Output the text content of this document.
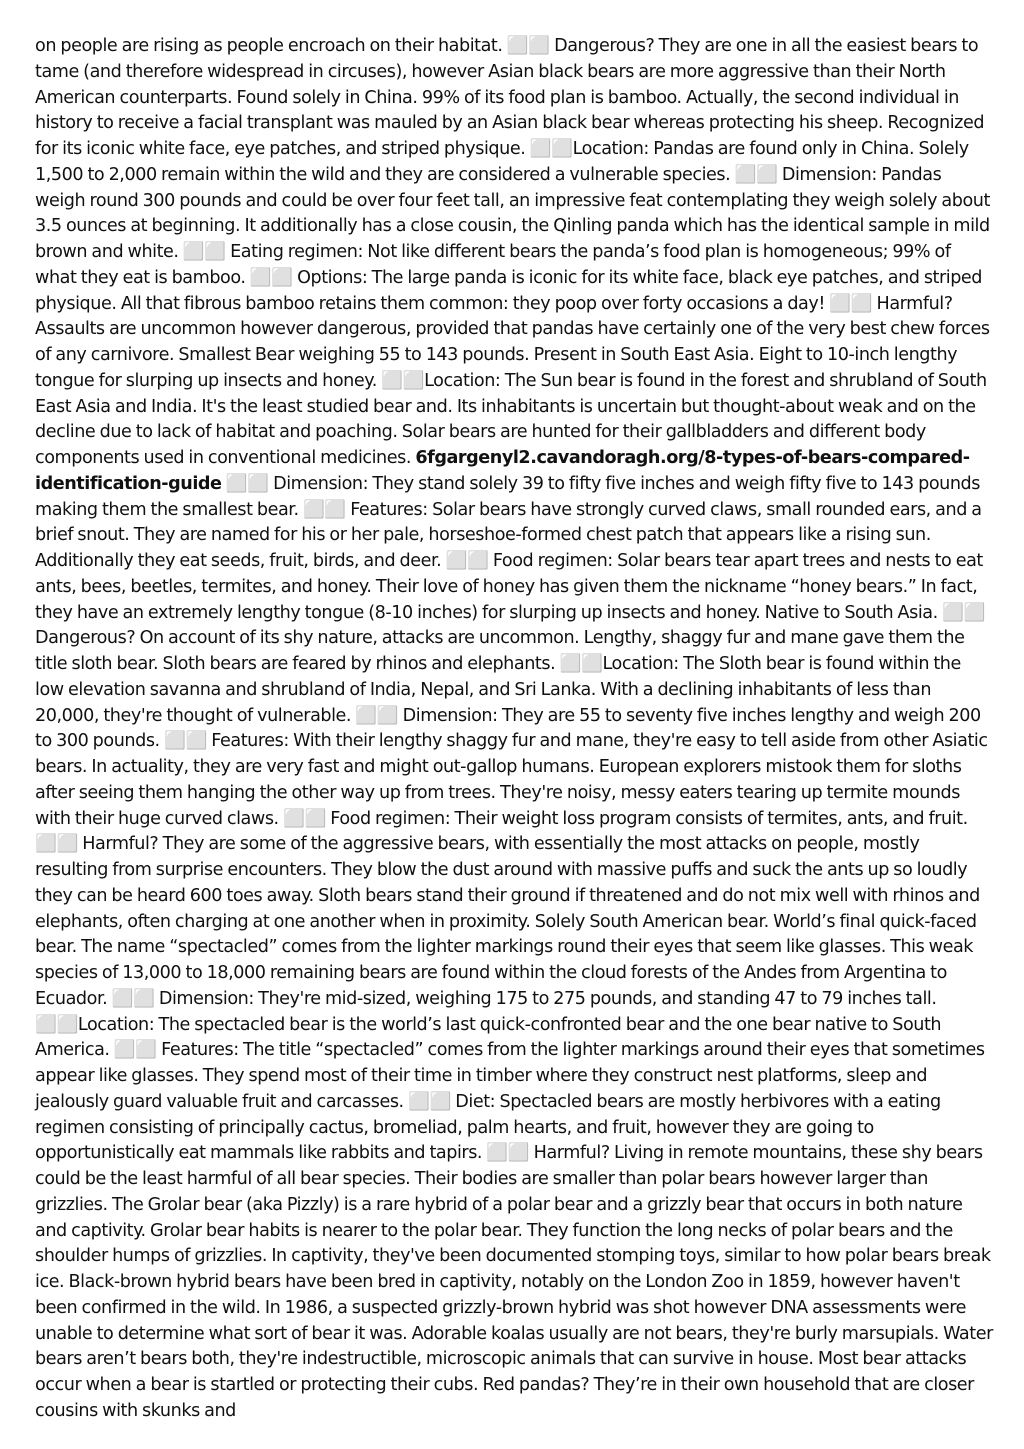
on people are rising as people encroach on their habitat. ⬜⬜ Dangerous? They are one in all the easiest bears to tame (and therefore widespread in circuses), however Asian black bears are more aggressive than their North American counterparts. Found solely in China. 99% of its food plan is bamboo. Actually, the second individual in history to receive a facial transplant was mauled by an Asian black bear whereas protecting his sheep. Recognized for its iconic white face, eye patches, and striped physique. ⬜⬜Location: Pandas are found only in China. Solely 1,500 to 2,000 remain within the wild and they are considered a vulnerable species. ⬜⬜ Dimension: Pandas weigh round 300 pounds and could be over four feet tall, an impressive feat contemplating they weigh solely about 3.5 ounces at beginning. It additionally has a close cousin, the Qinling panda which has the identical sample in mild brown and white. ⬜⬜ Eating regimen: Not like different bears the panda’s food plan is homogeneous; 99% of what they eat is bamboo. ⬜⬜ Options: The large panda is iconic for its white face, black eye patches, and striped physique. All that fibrous bamboo retains them common: they poop over forty occasions a day! ⬜⬜ Harmful? Assaults are uncommon however dangerous, provided that pandas have certainly one of the very best chew forces of any carnivore. Smallest Bear weighing 55 to 143 pounds. Present in South East Asia. Eight to 10-inch lengthy tongue for slurping up insects and honey. ⬜⬜Location: The Sun bear is found in the forest and shrubland of South East Asia and India. It's the least studied bear and. Its inhabitants is uncertain but thought-about weak and on the decline due to lack of habitat and poaching. Solar bears are hunted for their gallbladders and different body components used in conventional medicines. 6fgargenyl2.cavandoragh.org/8-types-of-bears-compared-identification-guide ⬜⬜ Dimension: They stand solely 39 to fifty five inches and weigh fifty five to 143 pounds making them the smallest bear. ⬜⬜ Features: Solar bears have strongly curved claws, small rounded ears, and a brief snout. They are named for his or her pale, horseshoe-formed chest patch that appears like a rising sun. Additionally they eat seeds, fruit, birds, and deer. ⬜⬜ Food regimen: Solar bears tear apart trees and nests to eat ants, bees, beetles, termites, and honey. Their love of honey has given them the nickname “honey bears.” In fact, they have an extremely lengthy tongue (8-10 inches) for slurping up insects and honey. Native to South Asia. ⬜⬜ Dangerous? On account of its shy nature, attacks are uncommon. Lengthy, shaggy fur and mane gave them the title sloth bear. Sloth bears are feared by rhinos and elephants. ⬜⬜Location: The Sloth bear is found within the low elevation savanna and shrubland of India, Nepal, and Sri Lanka. With a declining inhabitants of less than 20,000, they're thought of vulnerable. ⬜⬜ Dimension: They are 55 to seventy five inches lengthy and weigh 200 to 300 pounds. ⬜⬜ Features: With their lengthy shaggy fur and mane, they're easy to tell aside from other Asiatic bears. In actuality, they are very fast and might out-gallop humans. European explorers mistook them for sloths after seeing them hanging the other way up from trees. They're noisy, messy eaters tearing up termite mounds with their huge curved claws. ⬜⬜ Food regimen: Their weight loss program consists of termites, ants, and fruit. ⬜⬜ Harmful? They are some of the aggressive bears, with essentially the most attacks on people, mostly resulting from surprise encounters. They blow the dust around with massive puffs and suck the ants up so loudly they can be heard 600 toes away. Sloth bears stand their ground if threatened and do not mix well with rhinos and elephants, often charging at one another when in proximity. Solely South American bear. World’s final quick-faced bear. The name “spectacled” comes from the lighter markings round their eyes that seem like glasses. This weak species of 13,000 to 18,000 remaining bears are found within the cloud forests of the Andes from Argentina to Ecuador. ⬜⬜ Dimension: They're mid-sized, weighing 175 to 275 pounds, and standing 47 to 79 inches tall. ⬜⬜Location: The spectacled bear is the world’s last quick-confronted bear and the one bear native to South America. ⬜⬜ Features: The title “spectacled” comes from the lighter markings around their eyes that sometimes appear like glasses. They spend most of their time in timber where they construct nest platforms, sleep and jealously guard valuable fruit and carcasses. ⬜⬜ Diet: Spectacled bears are mostly herbivores with a eating regimen consisting of principally cactus, bromeliad, palm hearts, and fruit, however they are going to opportunistically eat mammals like rabbits and tapirs. ⬜⬜ Harmful? Living in remote mountains, these shy bears could be the least harmful of all bear species. Their bodies are smaller than polar bears however larger than grizzlies. The Grolar bear (aka Pizzly) is a rare hybrid of a polar bear and a grizzly bear that occurs in both nature and captivity. Grolar bear habits is nearer to the polar bear. They function the long necks of polar bears and the shoulder humps of grizzlies. In captivity, they've been documented stomping toys, similar to how polar bears break ice. Black-brown hybrid bears have been bred in captivity, notably on the London Zoo in 1859, however haven't been confirmed in the wild. In 1986, a suspected grizzly-brown hybrid was shot however DNA assessments were unable to determine what sort of bear it was. Adorable koalas usually are not bears, they're burly marsupials. Water bears aren’t bears both, they're indestructible, microscopic animals that can survive in house. Most bear attacks occur when a bear is startled or protecting their cubs. Red pandas? They’re in their own household that are closer cousins with skunks and
